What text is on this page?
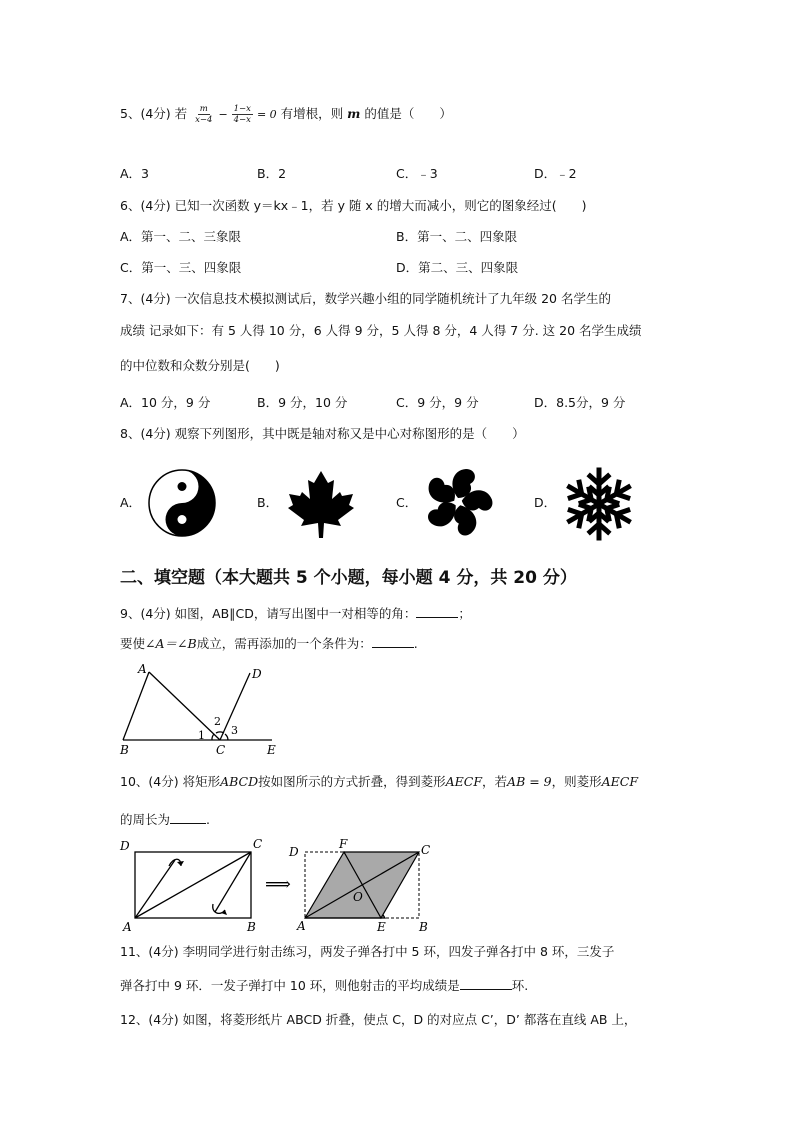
5、(4分) 若 $\frac{m}{x-4} - \frac{1-x}{4-x} = 0$ 有增根，则 m 的值是（　　）
A．3	B．2	C．﹣3	D．﹣2
6、(4分) 已知一次函数 y＝kx﹣1，若 y 随 x 的增大而减小，则它的图象经过(　　)
A．第一、二、三象限	B．第一、二、四象限
C．第一、三、四象限	D．第二、三、四象限
7、(4分) 一次信息技术模拟测试后，数学兴趣小组的同学随机统计了九年级 20 名学生的
成绩 记录如下：有 5 人得 10 分，6 人得 9 分，5 人得 8 分，4 人得 7 分. 这 20 名学生成绩
的中位数和众数分别是(　　)
A．10 分，9 分	B．9 分，10 分	C．9 分，9 分	D．8.5分，9 分
8、(4分) 观察下列图形，其中既是轴对称又是中心对称图形的是（　　）
A．	B．	C．	D．
二、填空题（本大题共 5 个小题，每小题 4 分，共 20 分）
9、(4分) 如图，AB∥CD，请写出图中一对相等的角：	；
要使∠A＝∠B成立，需再添加的一个条件为：	.
A	D
B	C	E
1
2
3
10、(4分) 将矩形ABCD按如图所示的方式折叠，得到菱形AECF，若AB = 9，则菱形AECF
的周长为	.
D	C
A	B
⟹
D
F	C
O
A	E	B
11、(4分) 李明同学进行射击练习，两发子弹各打中 5 环，四发子弹各打中 8 环，三发子
弹各打中 9 环．一发子弹打中 10 环，则他射击的平均成绩是	环.
12、(4分) 如图，将菱形纸片 ABCD 折叠，使点 C，D 的对应点 C’，D’ 都落在直线 AB 上，
